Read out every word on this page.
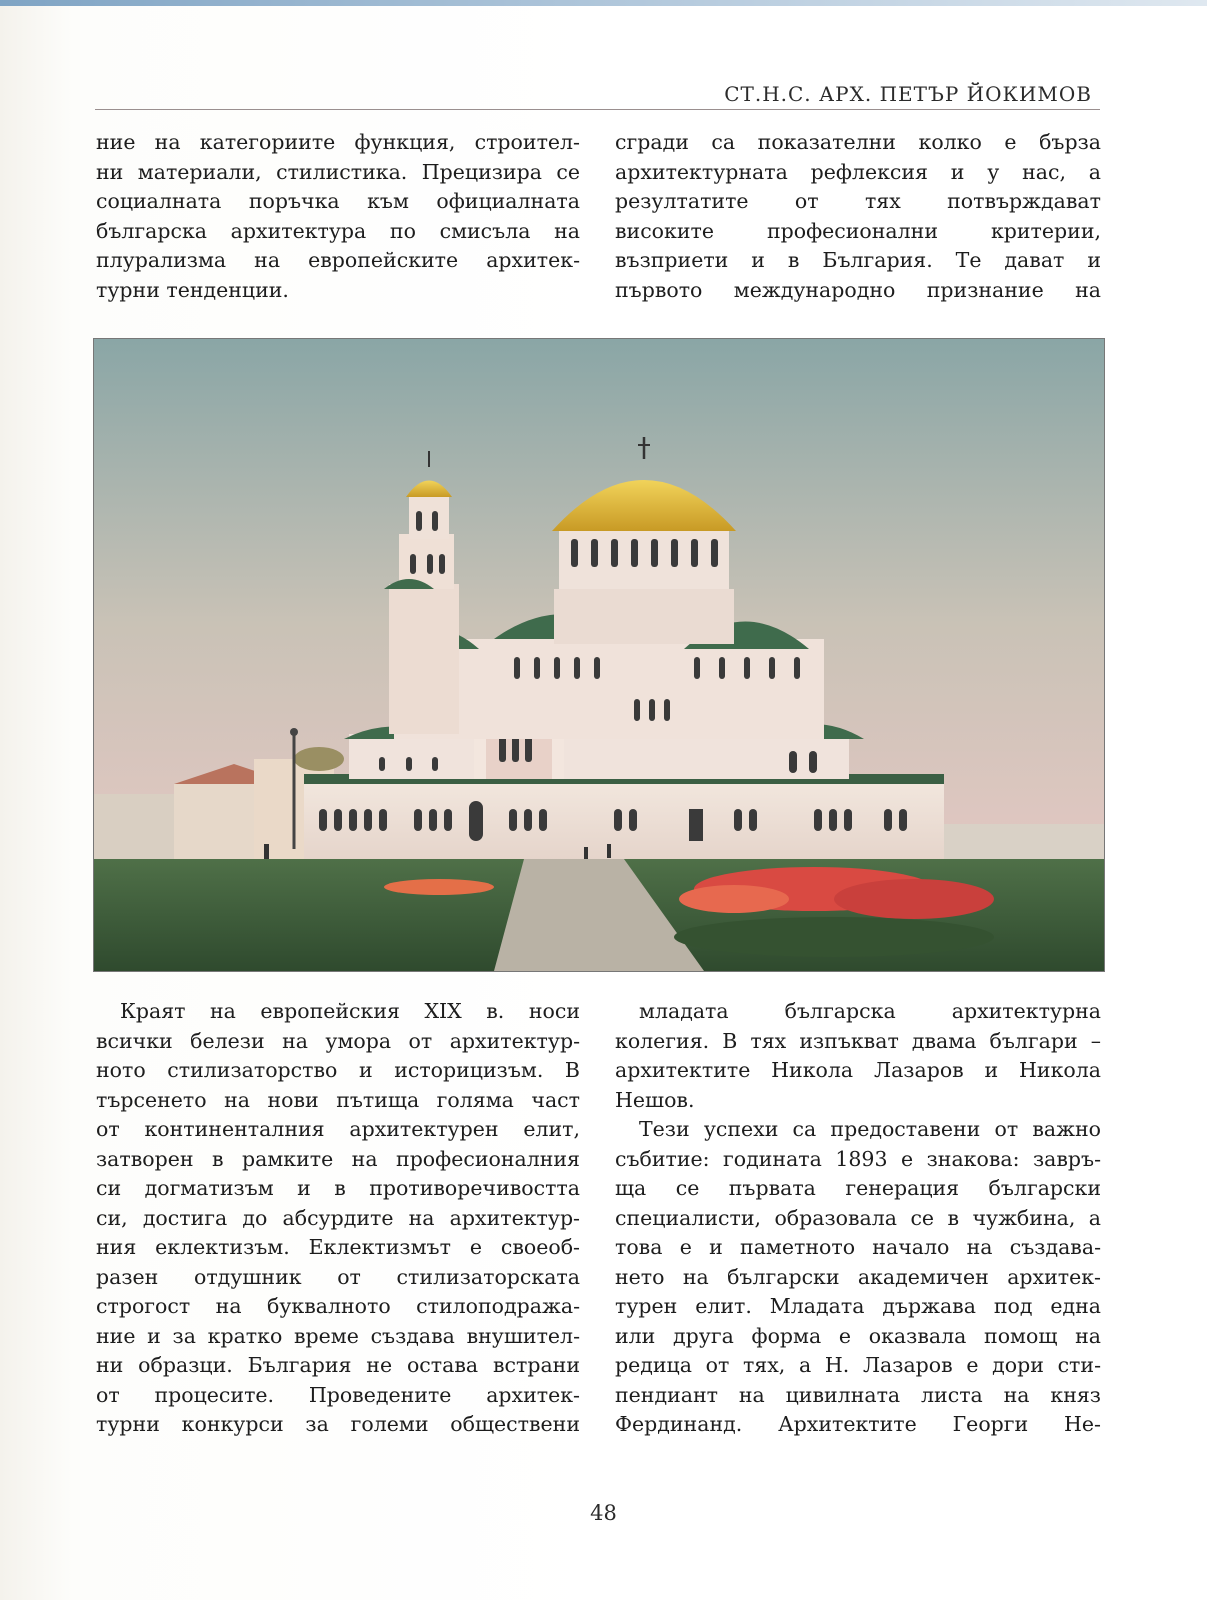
СТ.Н.С. АРХ. ПЕТЪР ЙОКИМОВ
ние на категориите функция, строител-
ни материали, стилистика. Прецизира се
социалната поръчка към официалната
българска архитектура по смисъла на
плурализма на европейските архитек-
турни тенденции.
сгради са показателни колко е бърза
архитектурната рефлексия и у нас, а
резултатите от тях потвърждават
високите професионални критерии,
възприети и в България. Те дават и
първото международно признание на
Краят на европейския XIX в. носи
всички белези на умора от архитектур-
ното стилизаторство и историцизъм. В
търсенето на нови пътища голяма част
от континенталния архитектурен елит,
затворен в рамките на професионалния
си догматизъм и в противоречивостта
си, достига до абсурдите на архитектур-
ния еклектизъм. Еклектизмът е своеоб-
разен отдушник от стилизаторската
строгост на буквалното стилоподража-
ние и за кратко време създава внушител-
ни образци. България не остава встрани
от процесите. Проведените архитек-
турни конкурси за големи обществени
младата българска архитектурна
колегия. В тях изпъкват двама българи –
архитектите Никола Лазаров и Никола
Нешов.
Тези успехи са предоставени от важно
събитие: годината 1893 е знакова: завръ-
ща се първата генерация български
специалисти, образовала се в чужбина, а
това е и паметното начало на създава-
нето на български академичен архитек-
турен елит. Младата държава под една
или друга форма е оказвала помощ на
редица от тях, а Н. Лазаров е дори сти-
пендиант на цивилната листа на княз
Фердинанд. Архитектите Георги Не-
48
